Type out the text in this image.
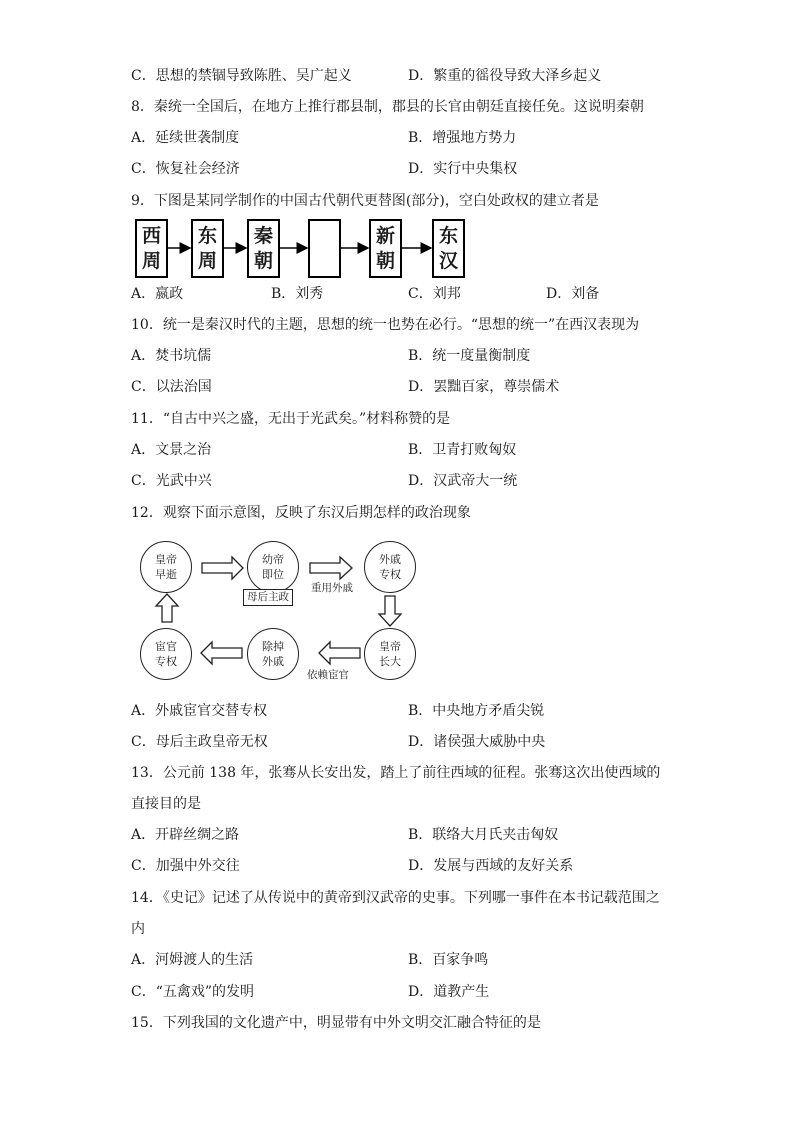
C．思想的禁锢导致陈胜、吴广起义	D．繁重的徭役导致大泽乡起义
8．秦统一全国后，在地方上推行郡县制，郡县的长官由朝廷直接任免。这说明秦朝
A．延续世袭制度	B．增强地方势力
C．恢复社会经济	D．实行中央集权
9．下图是某同学制作的中国古代朝代更替图(部分)，空白处政权的建立者是
西
周
东
周
秦
朝
新
朝
东
汉
A．嬴政	B．刘秀	C．刘邦	D．刘备
10．统一是秦汉时代的主题，思想的统一也势在必行。“思想的统一”在西汉表现为
A．焚书坑儒	B．统一度量衡制度
C．以法治国	D．罢黜百家，尊崇儒术
11．“自古中兴之盛，无出于光武矣。”材料称赞的是
A．文景之治	B．卫青打败匈奴
C．光武中兴	D．汉武帝大一统
12．观察下面示意图，反映了东汉后期怎样的政治现象
皇帝
早逝
幼帝
即位
外戚
专权
皇帝
长大
除掉
外戚
宦官
专权
母后主政
重用外戚
依赖宦官
A．外戚宦官交替专权	B．中央地方矛盾尖锐
C．母后主政皇帝无权	D．诸侯强大威胁中央
13．公元前 138 年，张骞从长安出发，踏上了前往西域的征程。张骞这次出使西域的
直接目的是
A．开辟丝绸之路	B．联络大月氏夹击匈奴
C．加强中外交往	D．发展与西域的友好关系
14．《史记》记述了从传说中的黄帝到汉武帝的史事。下列哪一事件在本书记载范围之
内
A．河姆渡人的生活	B．百家争鸣
C．“五禽戏”的发明	D．道教产生
15．下列我国的文化遗产中，明显带有中外文明交汇融合特征的是
